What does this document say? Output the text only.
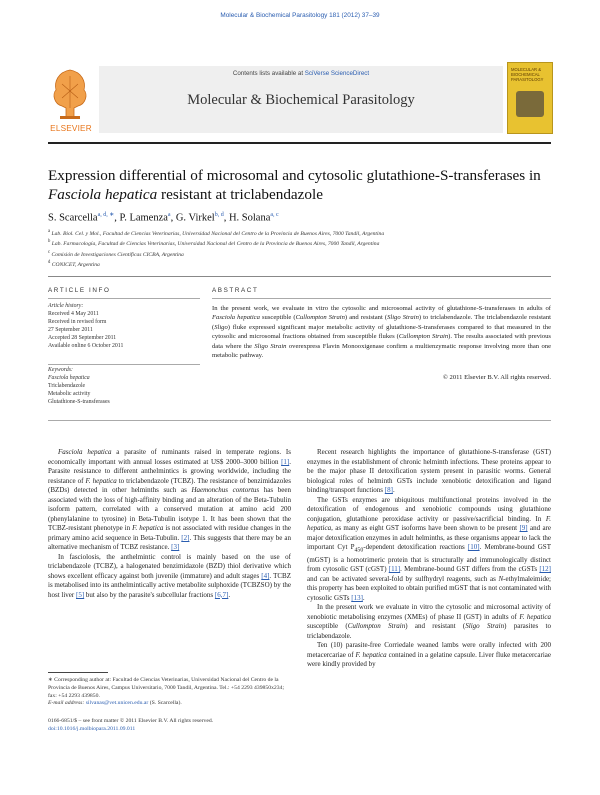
Molecular & Biochemical Parasitology 181 (2012) 37–39
ELSEVIER
Contents lists available at SciVerse ScienceDirect
Molecular & Biochemical Parasitology
MOLECULAR & BIOCHEMICAL PARASITOLOGY
Expression differential of microsomal and cytosolic glutathione-S-transferases in
Fasciola hepatica resistant at triclabendazole
S. Scarcella$^{a, d, ∗}$, P. Lamenza$^a$, G. Virkel$^{b, d}$, H. Solana$^{a, c}$
$^a$ Lab. Biol. Cel. y Mol., Facultad de Ciencias Veterinarias, Universidad Nacional del Centro de la Provincia de Buenos Aires, 7000 Tandil, Argentina
$^b$ Lab. Farmacología, Facultad de Ciencias Veterinarias, Universidad Nacional del Centro de la Provincia de Buenos Aires, 7000 Tandil, Argentina
$^c$ Comisión de Investigaciones Científicas CICBA, Argentina
$^d$ CONICET, Argentina
ARTICLE INFO	ABSTRACT
Article history:
Received 4 May 2011
Received in revised form
27 September 2011
Accepted 28 September 2011
Available online 6 October 2011
Keywords:
Fasciola hepatica
Triclabendazole
Metabolic activity
Glutathione-S-transferases
In the present work, we evaluate in vitro the cytosolic and microsomal activity of glutathione-S-transferases in adults of Fasciola hepatica susceptible (Cullompton Strain) and resistant (Sligo Strain) to triclabendazole. The triclabendazole resistant (Sligo) fluke expressed significant major metabolic activity of glutathione-S-transferases compared to that measured in the cytosolic and microsomal fractions obtained from susceptible flukes (Cullompton Strain). The results associated with previous data where the Sligo Strain overexpress Flavin Monooxigenase confirm a multienzymatic response involving more than one metabolic pathway.
© 2011 Elsevier B.V. All rights reserved.

Fasciola hepatica a parasite of ruminants raised in temperate regions. Is economically important with annual losses estimated at US$ 2000–3000 billion [1]. Parasite resistance to different anthelmintics is growing worldwide, including the resistance of F. hepatica to triclabendazole (TCBZ). The resistance of benzimidazoles (BZDs) detected in other helminths such as Haemonchus contortus has been associated with the loss of high-affinity binding and an alteration of the Beta-Tubulin isoform pattern, correlated with a conserved mutation at amino acid 200 (phenylalanine to tyrosine) in Beta-Tubulin isotype 1. It has been shown that the TCBZ-resistant phenotype in F. hepatica is not associated with residue changes in the primary amino acid sequence in Beta-Tubulin. [2]. This suggests that there may be an alternative mechanism of TCBZ resistance. [3]

In fasciolosis, the anthelmintic control is mainly based on the use of triclabendazole (TCBZ), a halogenated benzimidazole (BZD) thiol derivative which shows excellent efficacy against both juvenile (immature) and adult stages [4]. TCBZ is metabolised into its anthelmintically active metabolite sulphoxide (TCBZSO) by the host liver [5] but also by the parasite's subcellular fractions [6,7].

∗ Corresponding author at: Facultad de Ciencias Veterinarias, Universidad Nacional del Centro de la Provincia de Buenos Aires, Campus Universitario, 7000 Tandil, Argentina. Tel.: +54 2293 439850x234; fax: +54 2293 439850.
E-mail address: silvanas@vet.unicen.edu.ar (S. Scarcella).
0166-6851/$ – see front matter © 2011 Elsevier B.V. All rights reserved.
doi:10.1016/j.molbiopara.2011.09.011

Recent research highlights the importance of glutathione-S-transferase (GST) enzymes in the establishment of chronic helminth infections. These proteins appear to be the major phase II detoxification system present in parasitic worms. General biological roles of helminth GSTs include xenobiotic detoxification and ligand binding/transport functions [8].

The GSTs enzymes are ubiquitous multifunctional proteins involved in the detoxification of endogenous and xenobiotic compounds using glutathione conjugation, glutathione peroxidase activity or passive/sacrificial binding. In F. hepatica, as many as eight GST isoforms have been shown to be present [9] and are major detoxification enzymes in adult helminths, as these organisms appear to lack the important Cyt $P_{450}$-dependent detoxification reactions [10]. Membrane-bound GST (mGST) is a homotrimeric protein that is structurally and immunologically distinct from cytosolic GST (cGST) [11]. Membrane-bound GST differs from the cGSTs [12] and can be activated several-fold by sulfhydryl reagents, such as N-ethylmaleimide; this property has been exploited to obtain purified mGST that is not contaminated with cytosolic GSTs [13].

In the present work we evaluate in vitro the cytosolic and microsomal activity of xenobiotic metabolising enzymes (XMEs) of phase II (GST) in adults of F. hepatica susceptible (Cullompton Strain) and resistant (Sligo Strain) parasites to triclabendazole.

Ten (10) parasite-free Corriedale weaned lambs were orally infected with 200 metacercariae of F. hepatica contained in a gelatine capsule. Liver fluke metacercariae were kindly provided by
